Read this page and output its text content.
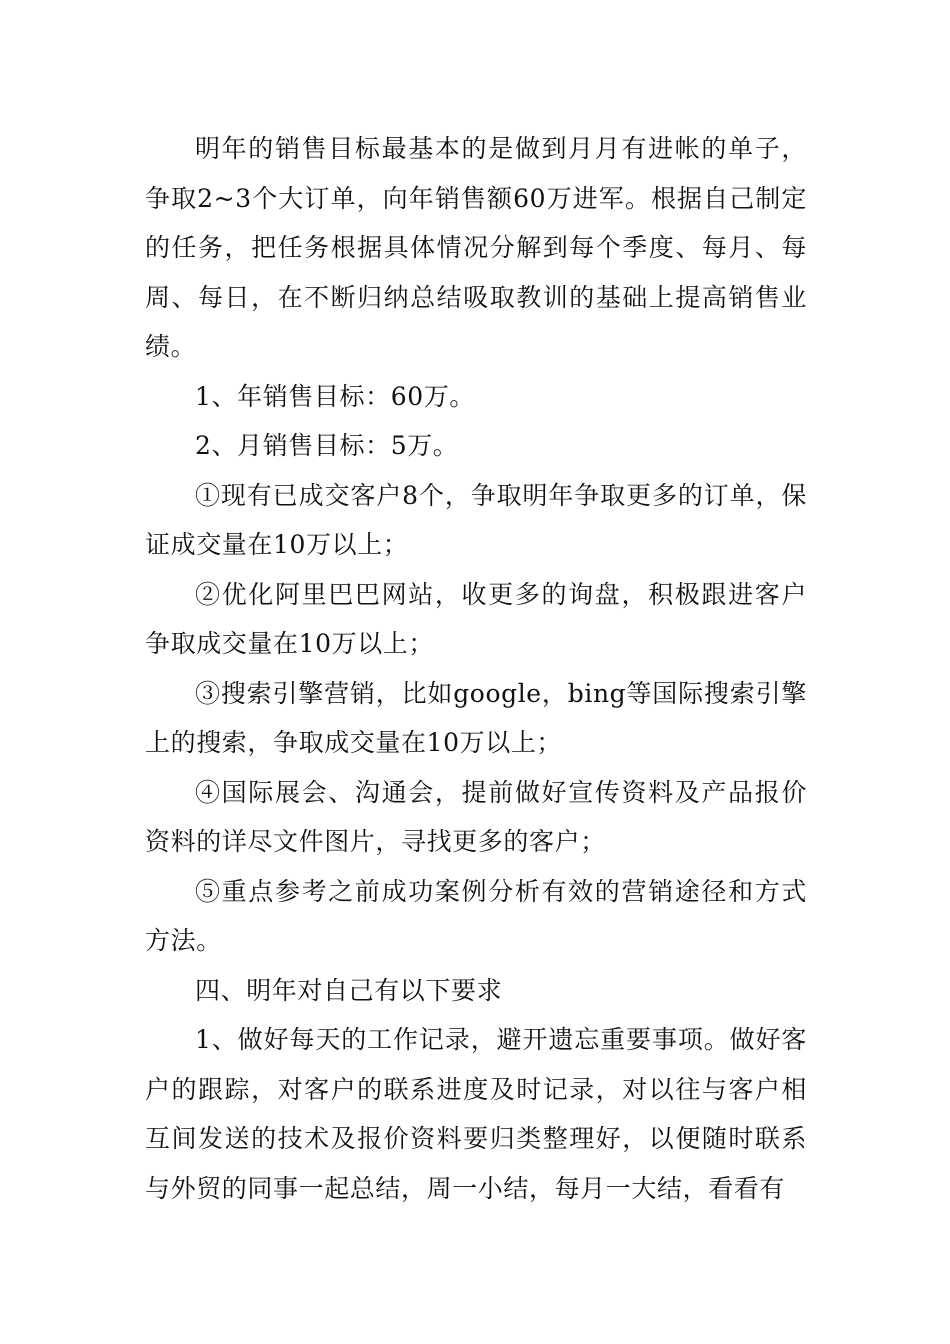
明年的销售目标最基本的是做到月月有进帐的单子，争取2~3个大订单，向年销售额60万进军。根据自己制定的任务，把任务根据具体情况分解到每个季度、每月、每周、每日，在不断归纳总结吸取教训的基础上提高销售业绩。

1、年销售目标：60万。

2、月销售目标：5万。

①现有已成交客户8个，争取明年争取更多的订单，保证成交量在10万以上；

②优化阿里巴巴网站，收更多的询盘，积极跟进客户争取成交量在10万以上；

③搜索引擎营销，比如google，bing等国际搜索引擎上的搜索，争取成交量在10万以上；

④国际展会、沟通会，提前做好宣传资料及产品报价资料的详尽文件图片，寻找更多的客户；

⑤重点参考之前成功案例分析有效的营销途径和方式方法。

四、明年对自己有以下要求

1、做好每天的工作记录，避开遗忘重要事项。做好客户的跟踪，对客户的联系进度及时记录，对以往与客户相互间发送的技术及报价资料要归类整理好，以便随时联系与外贸的同事一起总结，周一小结，每月一大结，看看有
